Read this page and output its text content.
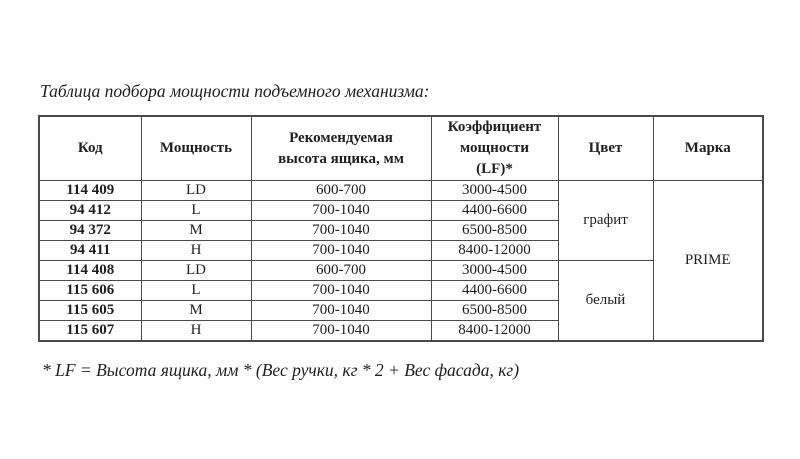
Таблица подбора мощности подъемного механизма:
Код	Мощность	Рекомендуемая высота ящика, мм	Коэффициент мощности (LF)*	Цвет	Марка
114 409	LD	600-700	3000-4500	графит	PRIME
94 412	L	700-1040	4400-6600		
94 372	M	700-1040	6500-8500		
94 411	H	700-1040	8400-12000		
114 408	LD	600-700	3000-4500	белый	
115 606	L	700-1040	4400-6600		
115 605	M	700-1040	6500-8500		
115 607	H	700-1040	8400-12000		
* LF = Высота ящика, мм * (Вес ручки, кг * 2 + Вес фасада, кг)
